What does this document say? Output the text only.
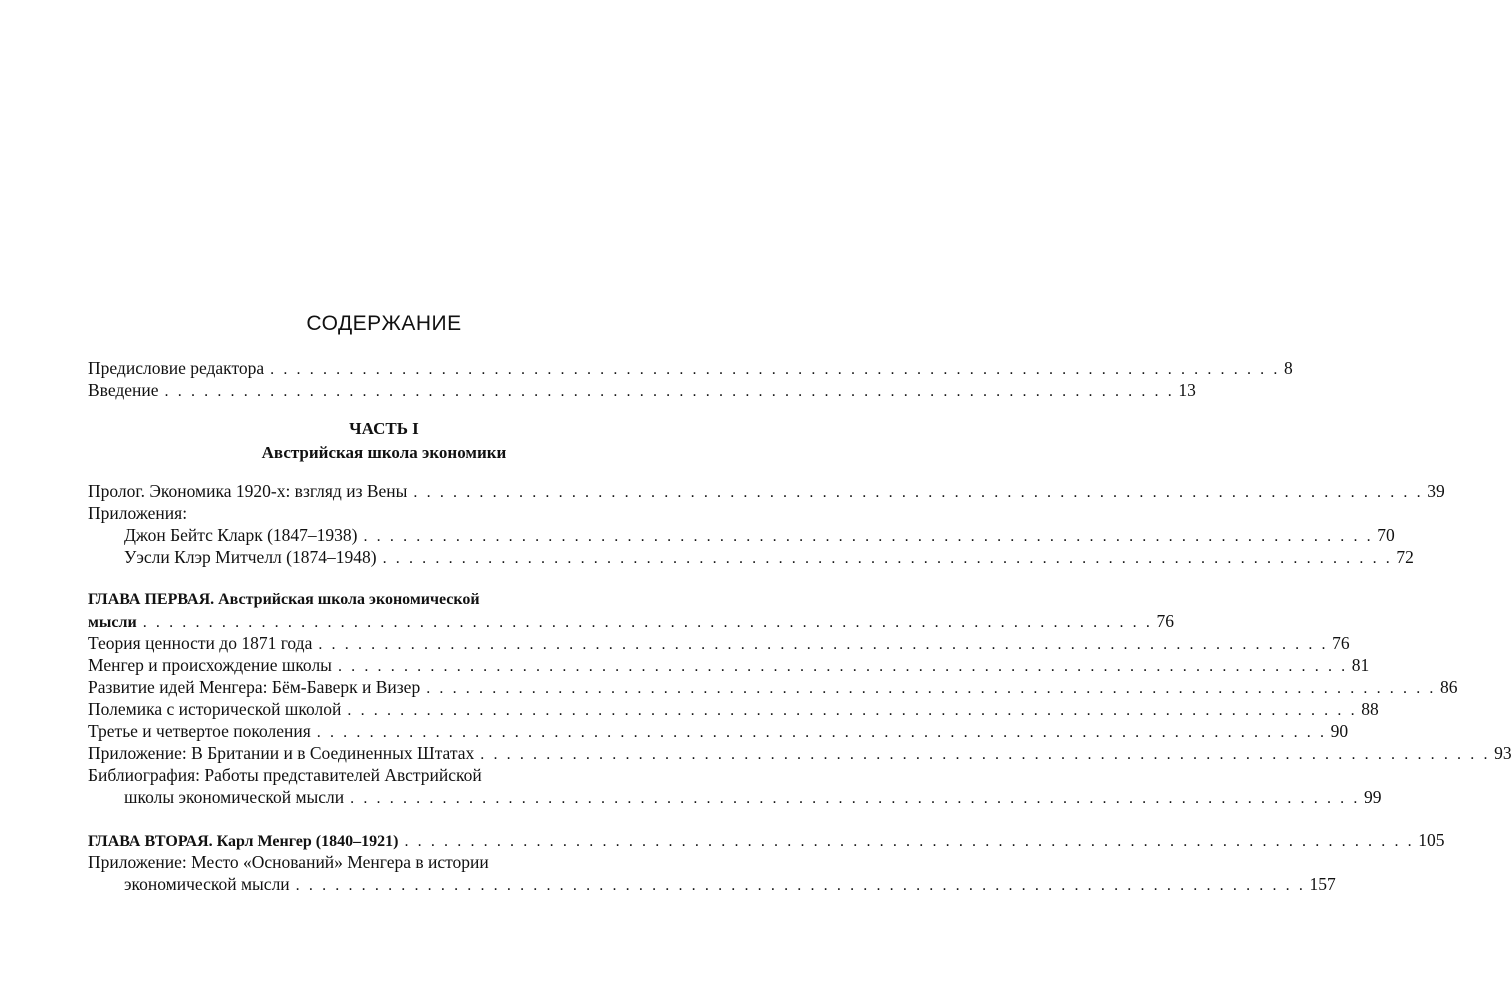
СОДЕРЖАНИЕ
Предисловие редактора . . . . . . . . . . . . . . . . . . . . . . . . . . . . . . . . . . . . . . . . . . . . . . . . . . . . . . . . . . . . . . . . . . . . . . . . . . . . . 8
Введение . . . . . . . . . . . . . . . . . . . . . . . . . . . . . . . . . . . . . . . . . . . . . . . . . . . . . . . . . . . . . . . . . . . . . . . . . . . . . 13
ЧАСТЬ I
Австрийская школа экономики
Пролог. Экономика 1920-х: взгляд из Вены . . . . . . . . . . . . . . . . . . . . . . . . . . . . . . . . . . . . . . . . . . . . . . . . . . . . . . . . . . . . . . . . . . . . . . . . . . . . . 39
Приложения:
Джон Бейтс Кларк (1847–1938) . . . . . . . . . . . . . . . . . . . . . . . . . . . . . . . . . . . . . . . . . . . . . . . . . . . . . . . . . . . . . . . . . . . . . . . . . . . . . 70
Уэсли Клэр Митчелл (1874–1948) . . . . . . . . . . . . . . . . . . . . . . . . . . . . . . . . . . . . . . . . . . . . . . . . . . . . . . . . . . . . . . . . . . . . . . . . . . . . . 72
ГЛАВА ПЕРВАЯ. Австрийская школа экономической
мысли . . . . . . . . . . . . . . . . . . . . . . . . . . . . . . . . . . . . . . . . . . . . . . . . . . . . . . . . . . . . . . . . . . . . . . . . . . . . . 76
Теория ценности до 1871 года . . . . . . . . . . . . . . . . . . . . . . . . . . . . . . . . . . . . . . . . . . . . . . . . . . . . . . . . . . . . . . . . . . . . . . . . . . . . . 76
Менгер и происхождение школы . . . . . . . . . . . . . . . . . . . . . . . . . . . . . . . . . . . . . . . . . . . . . . . . . . . . . . . . . . . . . . . . . . . . . . . . . . . . . 81
Развитие идей Менгера: Бём-Баверк и Визер . . . . . . . . . . . . . . . . . . . . . . . . . . . . . . . . . . . . . . . . . . . . . . . . . . . . . . . . . . . . . . . . . . . . . . . . . . . . . 86
Полемика с исторической школой . . . . . . . . . . . . . . . . . . . . . . . . . . . . . . . . . . . . . . . . . . . . . . . . . . . . . . . . . . . . . . . . . . . . . . . . . . . . . 88
Третье и четвертое поколения . . . . . . . . . . . . . . . . . . . . . . . . . . . . . . . . . . . . . . . . . . . . . . . . . . . . . . . . . . . . . . . . . . . . . . . . . . . . . 90
Приложение: В Британии и в Соединенных Штатах . . . . . . . . . . . . . . . . . . . . . . . . . . . . . . . . . . . . . . . . . . . . . . . . . . . . . . . . . . . . . . . . . . . . . . . . . . . . . 93
Библиография: Работы представителей Австрийской
школы экономической мысли . . . . . . . . . . . . . . . . . . . . . . . . . . . . . . . . . . . . . . . . . . . . . . . . . . . . . . . . . . . . . . . . . . . . . . . . . . . . . 99
ГЛАВА ВТОРАЯ. Карл Менгер (1840–1921) . . . . . . . . . . . . . . . . . . . . . . . . . . . . . . . . . . . . . . . . . . . . . . . . . . . . . . . . . . . . . . . . . . . . . . . . . . . . . 105
Приложение: Место «Оснований» Менгера в истории
экономической мысли . . . . . . . . . . . . . . . . . . . . . . . . . . . . . . . . . . . . . . . . . . . . . . . . . . . . . . . . . . . . . . . . . . . . . . . . . . . . . 157
